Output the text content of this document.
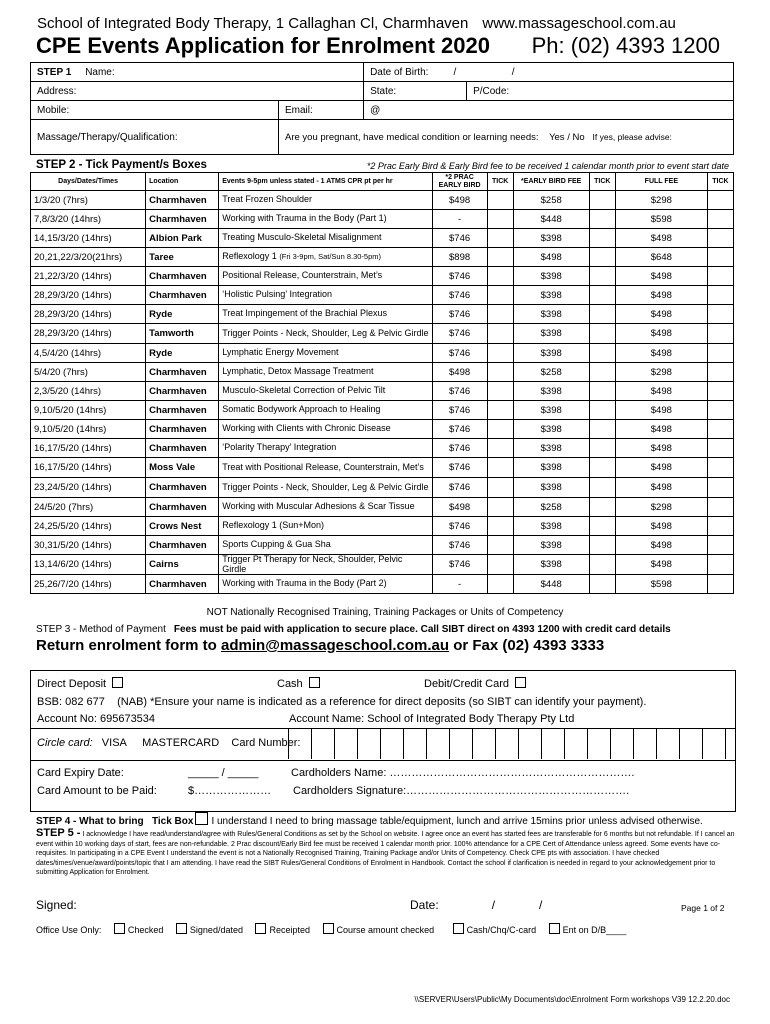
School of Integrated Body Therapy, 1 Callaghan Cl, Charmhaven www.massageschool.com.au
CPE Events Application for Enrolment 2020 Ph: (02) 4393 1200
STEP 1 Name:		Date of Birth: /                    /	
Address:		State:	P/Code:
Mobile:	Email:	@	
Massage/Therapy/Qualification:	Are you pregnant, have medical condition or learning needs: Yes / No If yes, please advise:		
STEP 2 - Tick Payment/s Boxes	*2 Prac Early Bird & Early Bird fee to be received 1 calendar month prior to event start date
Days/Dates/Times	Location	Events 9-5pm unless stated - 1 ATMS CPR pt per hr	*2 PRAC EARLY BIRD	TICK	*EARLY BIRD FEE	TICK	FULL FEE	TICK
1/3/20 (7hrs)	Charmhaven	Treat Frozen Shoulder	$498		$258		$298	
7,8/3/20 (14hrs)	Charmhaven	Working with Trauma in the Body (Part 1)	-		$448		$598	
14,15/3/20 (14hrs)	Albion Park	Treating Musculo-Skeletal Misalignment	$746		$398		$498	
20,21,22/3/20(21hrs)	Taree	Reflexology 1 (Fri 3-9pm, Sat/Sun 8.30-5pm)	$898		$498		$648	
21,22/3/20 (14hrs)	Charmhaven	Positional Release, Counterstrain, Met’s	$746		$398		$498	
28,29/3/20 (14hrs)	Charmhaven	‘Holistic Pulsing’ Integration	$746		$398		$498	
28,29/3/20 (14hrs)	Ryde	Treat Impingement of the Brachial Plexus	$746		$398		$498	
28,29/3/20 (14hrs)	Tamworth	Trigger Points - Neck, Shoulder, Leg & Pelvic Girdle	$746		$398		$498	
4,5/4/20 (14hrs)	Ryde	Lymphatic Energy Movement	$746		$398		$498	
5/4/20 (7hrs)	Charmhaven	Lymphatic, Detox Massage Treatment	$498		$258		$298	
2,3/5/20 (14hrs)	Charmhaven	Musculo-Skeletal Correction of Pelvic Tilt	$746		$398		$498	
9,10/5/20 (14hrs)	Charmhaven	Somatic Bodywork Approach to Healing	$746		$398		$498	
9,10/5/20 (14hrs)	Charmhaven	Working with Clients with Chronic Disease	$746		$398		$498	
16,17/5/20 (14hrs)	Charmhaven	‘Polarity Therapy’ Integration	$746		$398		$498	
16,17/5/20 (14hrs)	Moss Vale	Treat with Positional Release, Counterstrain, Met’s	$746		$398		$498	
23,24/5/20 (14hrs)	Charmhaven	Trigger Points - Neck, Shoulder, Leg & Pelvic Girdle	$746		$398		$498	
24/5/20 (7hrs)	Charmhaven	Working with Muscular Adhesions & Scar Tissue	$498		$258		$298	
24,25/5/20 (14hrs)	Crows Nest	Reflexology 1 (Sun+Mon)	$746		$398		$498	
30,31/5/20 (14hrs)	Charmhaven	Sports Cupping & Gua Sha	$746		$398		$498	
13,14/6/20 (14hrs)	Cairns	Trigger Pt Therapy for Neck, Shoulder, Pelvic Girdle	$746		$398		$498	
25,26/7/20 (14hrs)	Charmhaven	Working with Trauma in the Body (Part 2)	-		$448		$598	
NOT Nationally Recognised Training, Training Packages or Units of Competency
STEP 3 - Method of Payment Fees must be paid with application to secure place. Call SIBT direct on 4393 1200 with credit card details
Return enrolment form to admin@massageschool.com.au or Fax (02) 4393 3333
Direct Deposit	Cash	Debit/Credit Card
BSB: 082 677 (NAB) *Ensure your name is indicated as a reference for direct deposits (so SIBT can identify your payment).
Account No: 695673534	Account Name: School of Integrated Body Therapy Pty Ltd
Circle card: VISA MASTERCARD Card Number:
Card Expiry Date:	_____ / _____	Cardholders Name: ………………………………………………………….
Card Amount to be Paid:	$………………… Cardholders Signature:…………………………………………………….
STEP 4 - What to bring Tick Box I understand I need to bring massage table/equipment, lunch and arrive 15mins prior unless advised otherwise.
STEP 5 - I acknowledge I have read/understand/agree with Rules/General Conditions as set by the School on website. I agree once an event has started fees are transferable for 6 months but not refundable. If I cancel an event within 10 working days of start, fees are non-refundable. 2 Prac discount/Early Bird fee must be received 1 calendar month prior. 100% attendance for a CPE Cert of Attendance unless agreed. Some events have co-requisites. In participating in a CPE Event I understand the event is not a Nationally Recognised Training, Training Package and/or Units of Competency. Check CPE pts with association. I have checked dates/times/venue/award/points/topic that I am attending. I have read the SIBT Rules/General Conditions of Enrolment in Handbook. Contact the school if clarification is needed in regard to your acknowledgement prior to submitting Application for Enrolment.
Signed:	Date:	/	/	Page 1 of 2
Office Use Only:	Checked	Signed/dated	Receipted	Course amount checked	Cash/Chq/C-card	Ent on D/B____
\\SERVER\Users\Public\My Documents\doc\Enrolment Form workshops V39 12.2.20.doc
